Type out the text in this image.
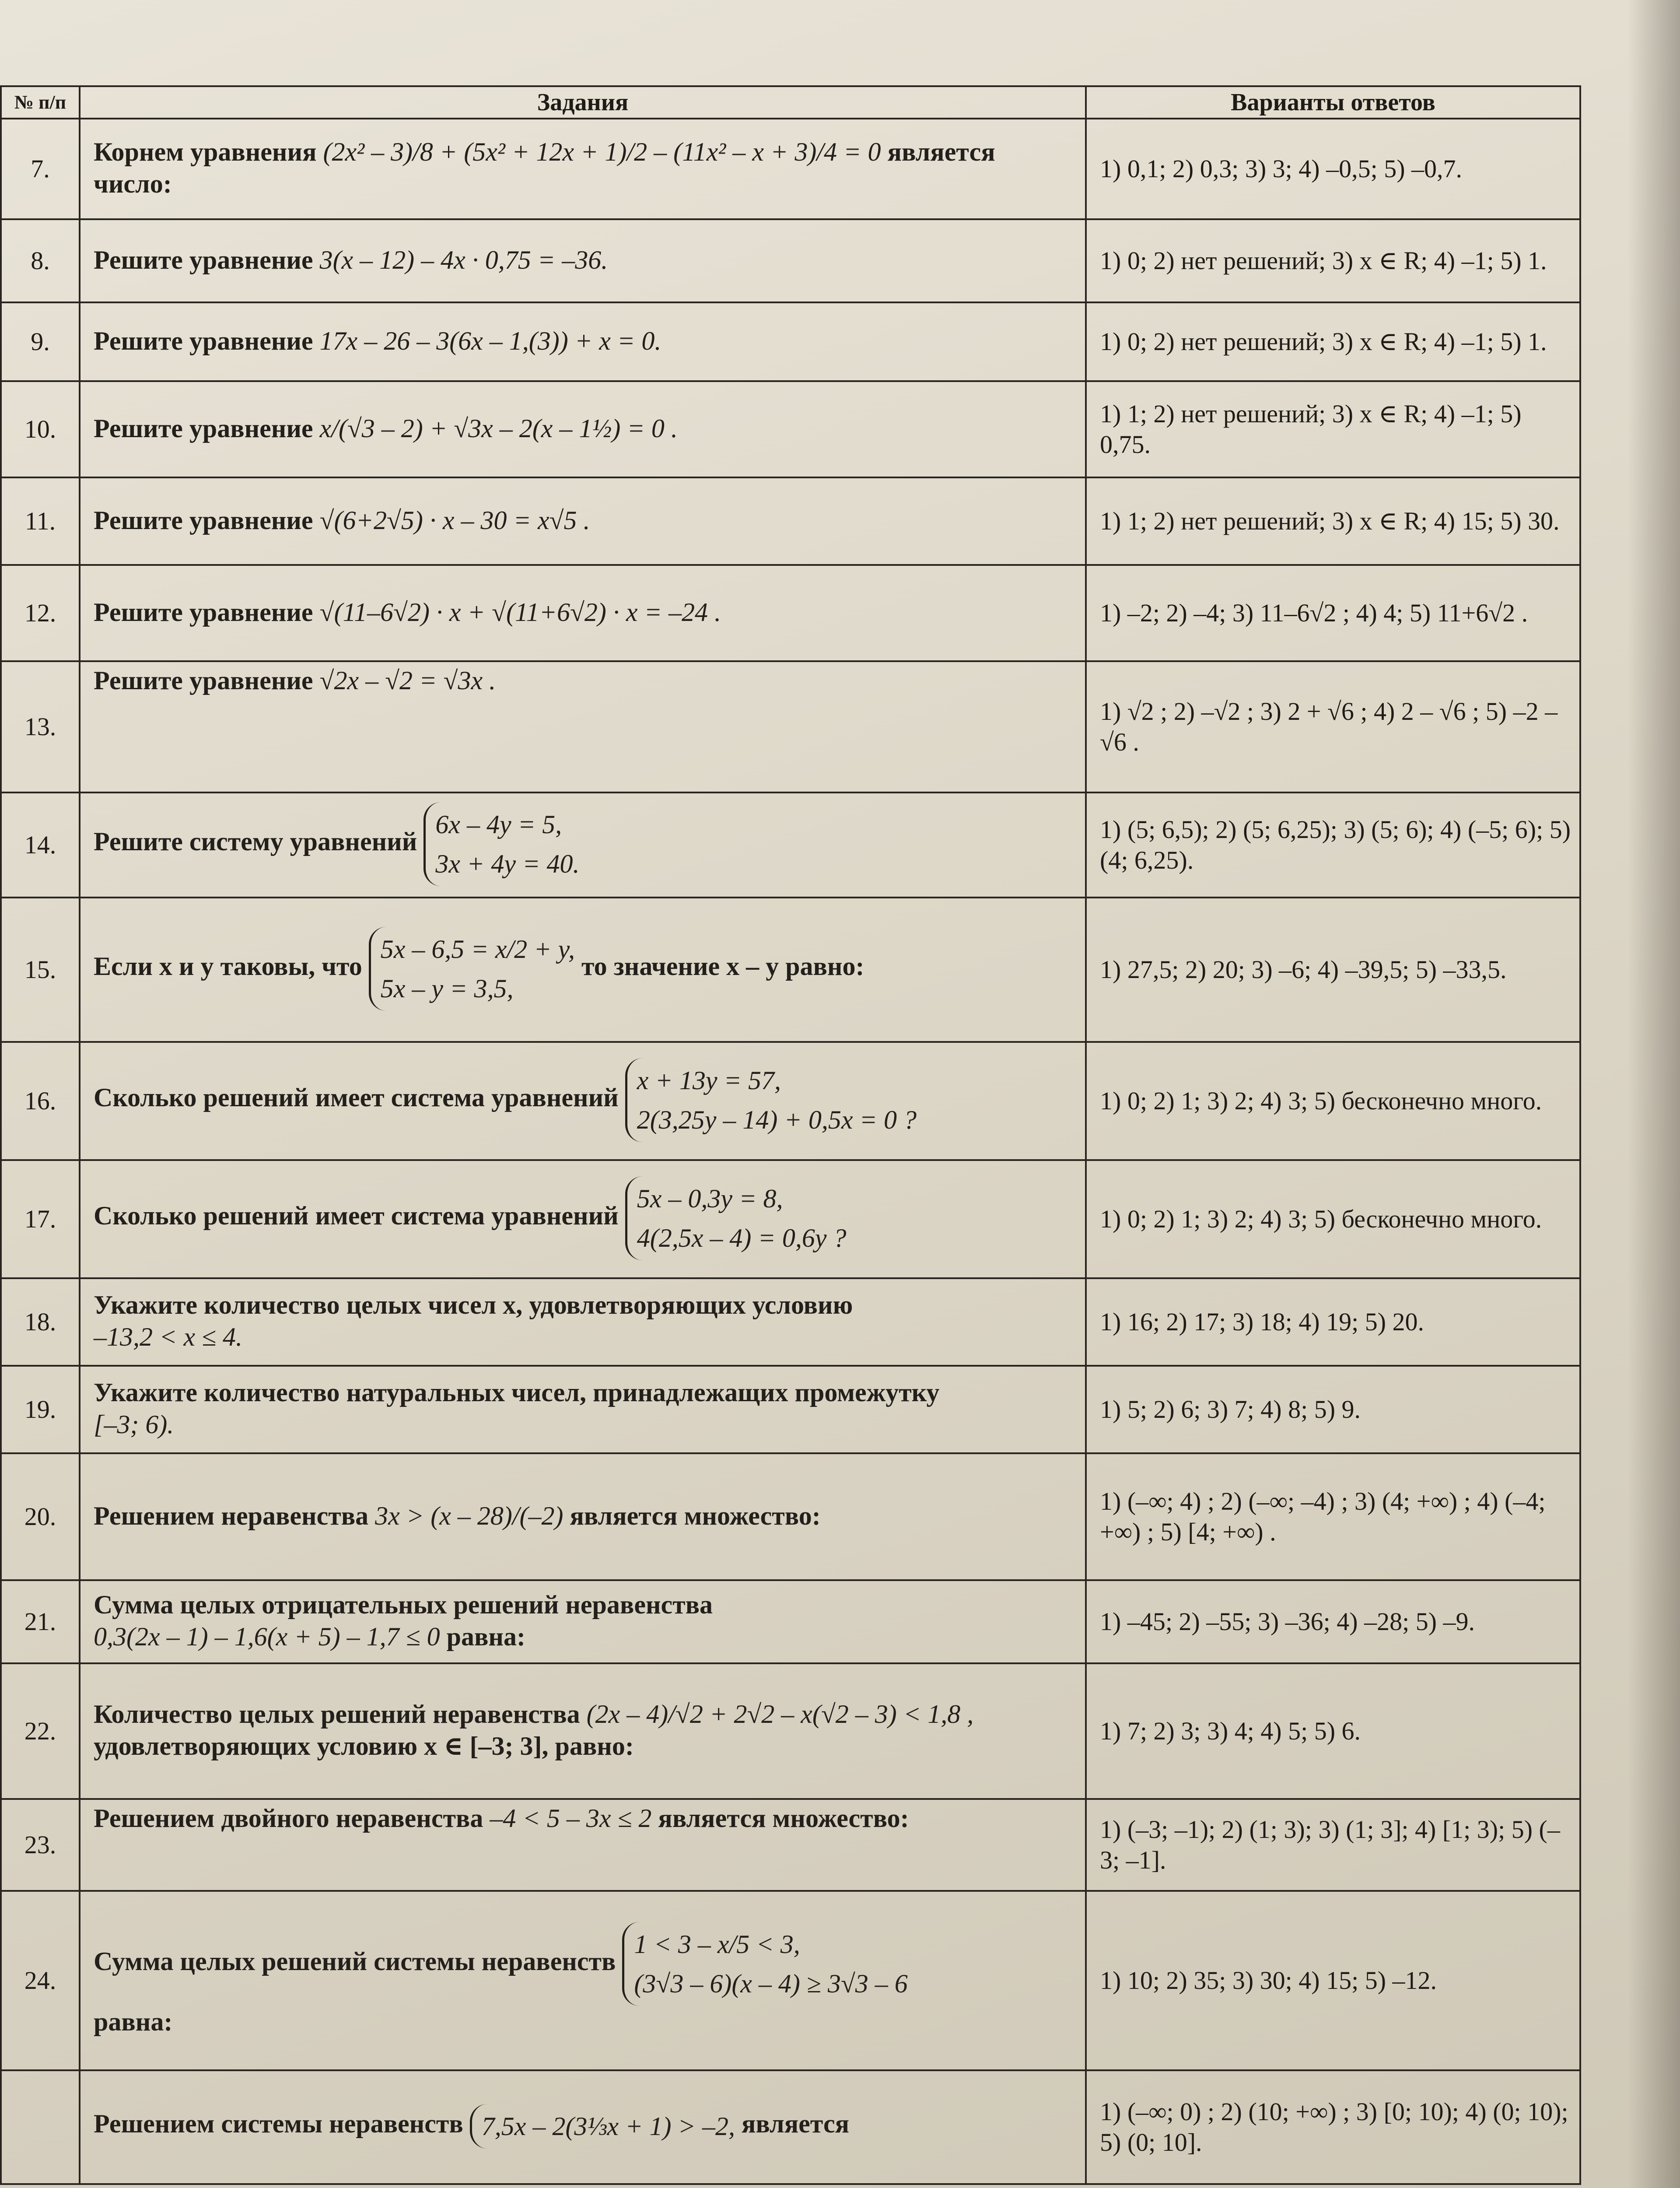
№ п/п	Задания	Варианты ответов
7.	Корнем уравнения (2x² – 3)/8 + (5x² + 12x + 1)/2 – (11x² – x + 3)/4 = 0 является число:	1) 0,1; 2) 0,3; 3) 3; 4) –0,5; 5) –0,7.
8.	Решите уравнение 3(x – 12) – 4x · 0,75 = –36.	1) 0; 2) нет решений; 3) x ∈ R; 4) –1; 5) 1.
9.	Решите уравнение 17x – 26 – 3(6x – 1,(3)) + x = 0.	1) 0; 2) нет решений; 3) x ∈ R; 4) –1; 5) 1.
10.	Решите уравнение x/(√3 – 2) + √3x – 2(x – 1½) = 0 .	1) 1; 2) нет решений; 3) x ∈ R; 4) –1; 5) 0,75.
11.	Решите уравнение √(6+2√5) · x – 30 = x√5 .	1) 1; 2) нет решений; 3) x ∈ R; 4) 15; 5) 30.
12.	Решите уравнение √(11–6√2) · x + √(11+6√2) · x = –24 .	1) –2; 2) –4; 3) 11–6√2 ; 4) 4; 5) 11+6√2 .
13.	Решите уравнение √2x – √2 = √3x .	1) √2 ; 2) –√2 ; 3) 2 + √6 ; 4) 2 – √6 ; 5) –2 – √6 .
14.	Решите систему уравнений
6x – 4y = 5,
3x + 4y = 40.	1) (5; 6,5); 2) (5; 6,25); 3) (5; 6); 4) (–5; 6); 5) (4; 6,25).
15.	Если x и y таковы, что
5x – 6,5 = x/2 + y,
5x – y = 3,5,
то значение x – y равно:	1) 27,5; 2) 20; 3) –6; 4) –39,5; 5) –33,5.
16.	Сколько решений имеет система уравнений
x + 13y = 57,
2(3,25y – 14) + 0,5x = 0 ?	1) 0; 2) 1; 3) 2; 4) 3; 5) бесконечно много.
17.	Сколько решений имеет система уравнений
5x – 0,3y = 8,
4(2,5x – 4) = 0,6y ?	1) 0; 2) 1; 3) 2; 4) 3; 5) бесконечно много.
18.	Укажите количество целых чисел x, удовлетворяющих условию
–13,2 < x ≤ 4.	1) 16; 2) 17; 3) 18; 4) 19; 5) 20.
19.	Укажите количество натуральных чисел, принадлежащих промежутку
[–3; 6).	1) 5; 2) 6; 3) 7; 4) 8; 5) 9.
20.	Решением неравенства 3x > (x – 28)/(–2) является множество:	1) (–∞; 4) ; 2) (–∞; –4) ; 3) (4; +∞) ; 4) (–4; +∞) ; 5) [4; +∞) .
21.	Сумма целых отрицательных решений неравенства
0,3(2x – 1) – 1,6(x + 5) – 1,7 ≤ 0 равна:	1) –45; 2) –55; 3) –36; 4) –28; 5) –9.
22.	Количество целых решений неравенства (2x – 4)/√2 + 2√2 – x(√2 – 3) < 1,8 ,
удовлетворяющих условию x ∈ [–3; 3], равно:	1) 7; 2) 3; 3) 4; 4) 5; 5) 6.
23.	Решением двойного неравенства –4 < 5 – 3x ≤ 2 является множество:	1) (–3; –1); 2) (1; 3); 3) (1; 3]; 4) [1; 3); 5) (–3; –1].
24.	Сумма целых решений системы неравенств
1 < 3 – x/5 < 3,
(3√3 – 6)(x – 4) ≥ 3√3 – 6

равна:	1) 10; 2) 35; 3) 30; 4) 15; 5) –12.
	Решением системы неравенств 7,5x – 2(3⅓x + 1) > –2, является	1) (–∞; 0) ; 2) (10; +∞) ; 3) [0; 10); 4) (0; 10); 5) (0; 10].
